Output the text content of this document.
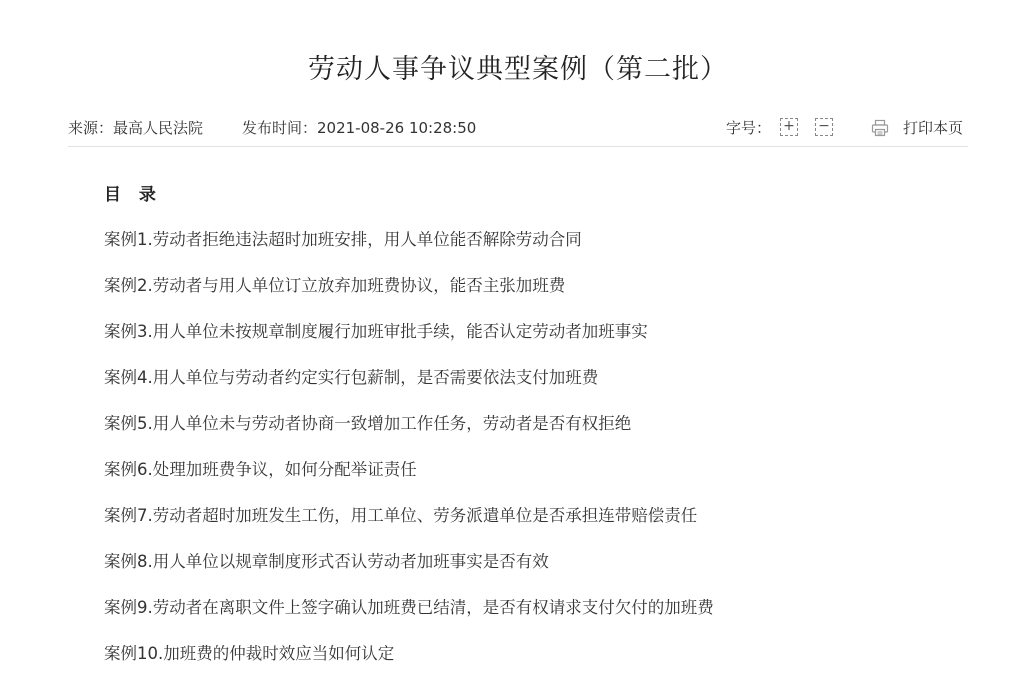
劳动人事争议典型案例（第二批）
来源：最高人民法院	发布时间：2021-08-26 10:28:50	字号： + −	打印本页
目 录
案例1.劳动者拒绝违法超时加班安排，用人单位能否解除劳动合同
案例2.劳动者与用人单位订立放弃加班费协议，能否主张加班费
案例3.用人单位未按规章制度履行加班审批手续，能否认定劳动者加班事实
案例4.用人单位与劳动者约定实行包薪制，是否需要依法支付加班费
案例5.用人单位未与劳动者协商一致增加工作任务，劳动者是否有权拒绝
案例6.处理加班费争议，如何分配举证责任
案例7.劳动者超时加班发生工伤，用工单位、劳务派遣单位是否承担连带赔偿责任
案例8.用人单位以规章制度形式否认劳动者加班事实是否有效
案例9.劳动者在离职文件上签字确认加班费已结清，是否有权请求支付欠付的加班费
案例10.加班费的仲裁时效应当如何认定
